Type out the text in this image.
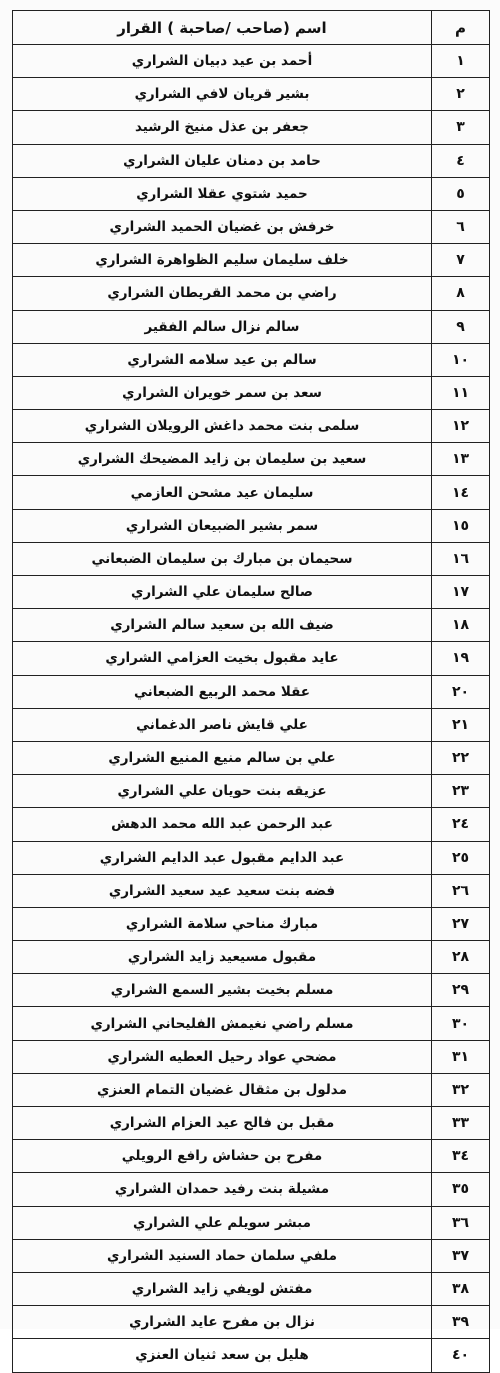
م	اسم (صاحب /صاحبة ) القرار
١	أحمد بن عيد دبيان الشراري
٢	بشير قريان لافي الشراري
٣	جعفر بن عذل منيخ الرشيد
٤	حامد بن دمنان عليان الشراري
٥	حميد شتوي عقلا الشراري
٦	خرفش بن غضيان الحميد الشراري
٧	خلف سليمان سليم الظواهرة الشراري
٨	راضي بن محمد القريطان الشراري
٩	سالم نزال سالم الفقير
١٠	سالم بن عيد سلامه الشراري
١١	سعد بن سمر خويران الشراري
١٢	سلمى بنت محمد داغش الرويلان الشراري
١٣	سعيد بن سليمان بن زايد المضيحك الشراري
١٤	سليمان عيد مشحن العازمي
١٥	سمر بشير الضبيعان الشراري
١٦	سحيمان بن مبارك بن سليمان الضبعاني
١٧	صالح سليمان علي الشراري
١٨	ضيف الله بن سعيد سالم الشراري
١٩	عايد مقبول بخيت العزامي الشراري
٢٠	عقلا محمد الربيع الضبعاني
٢١	علي قايش ناصر الدغماني
٢٢	علي بن سالم منيع المنيع الشراري
٢٣	عزيقه بنت حويان علي الشراري
٢٤	عبد الرحمن عبد الله محمد الدهش
٢٥	عبد الدايم مقبول عبد الدايم الشراري
٢٦	فضه بنت سعيد عيد سعيد الشراري
٢٧	مبارك مناحي سلامة الشراري
٢٨	مقبول مسيعيد زايد الشراري
٢٩	مسلم بخيت بشير السمع الشراري
٣٠	مسلم راضي نغيمش الفليحاني الشراري
٣١	مضحي عواد رحيل العطيه الشراري
٣٢	مدلول بن مثقال غضيان التمام العنزي
٣٣	مقبل بن فالح عيد العزام الشراري
٣٤	مفرح بن حشاش رافع الرويلي
٣٥	مشيلة بنت رفيد حمدان الشراري
٣٦	مبشر سويلم علي الشراري
٣٧	ملفي سلمان حماد السنيد الشراري
٣٨	مفتش لويفي زايد الشراري
٣٩	نزال بن مفرح عايد الشراري
٤٠	هليل بن سعد ثنيان العنزي
